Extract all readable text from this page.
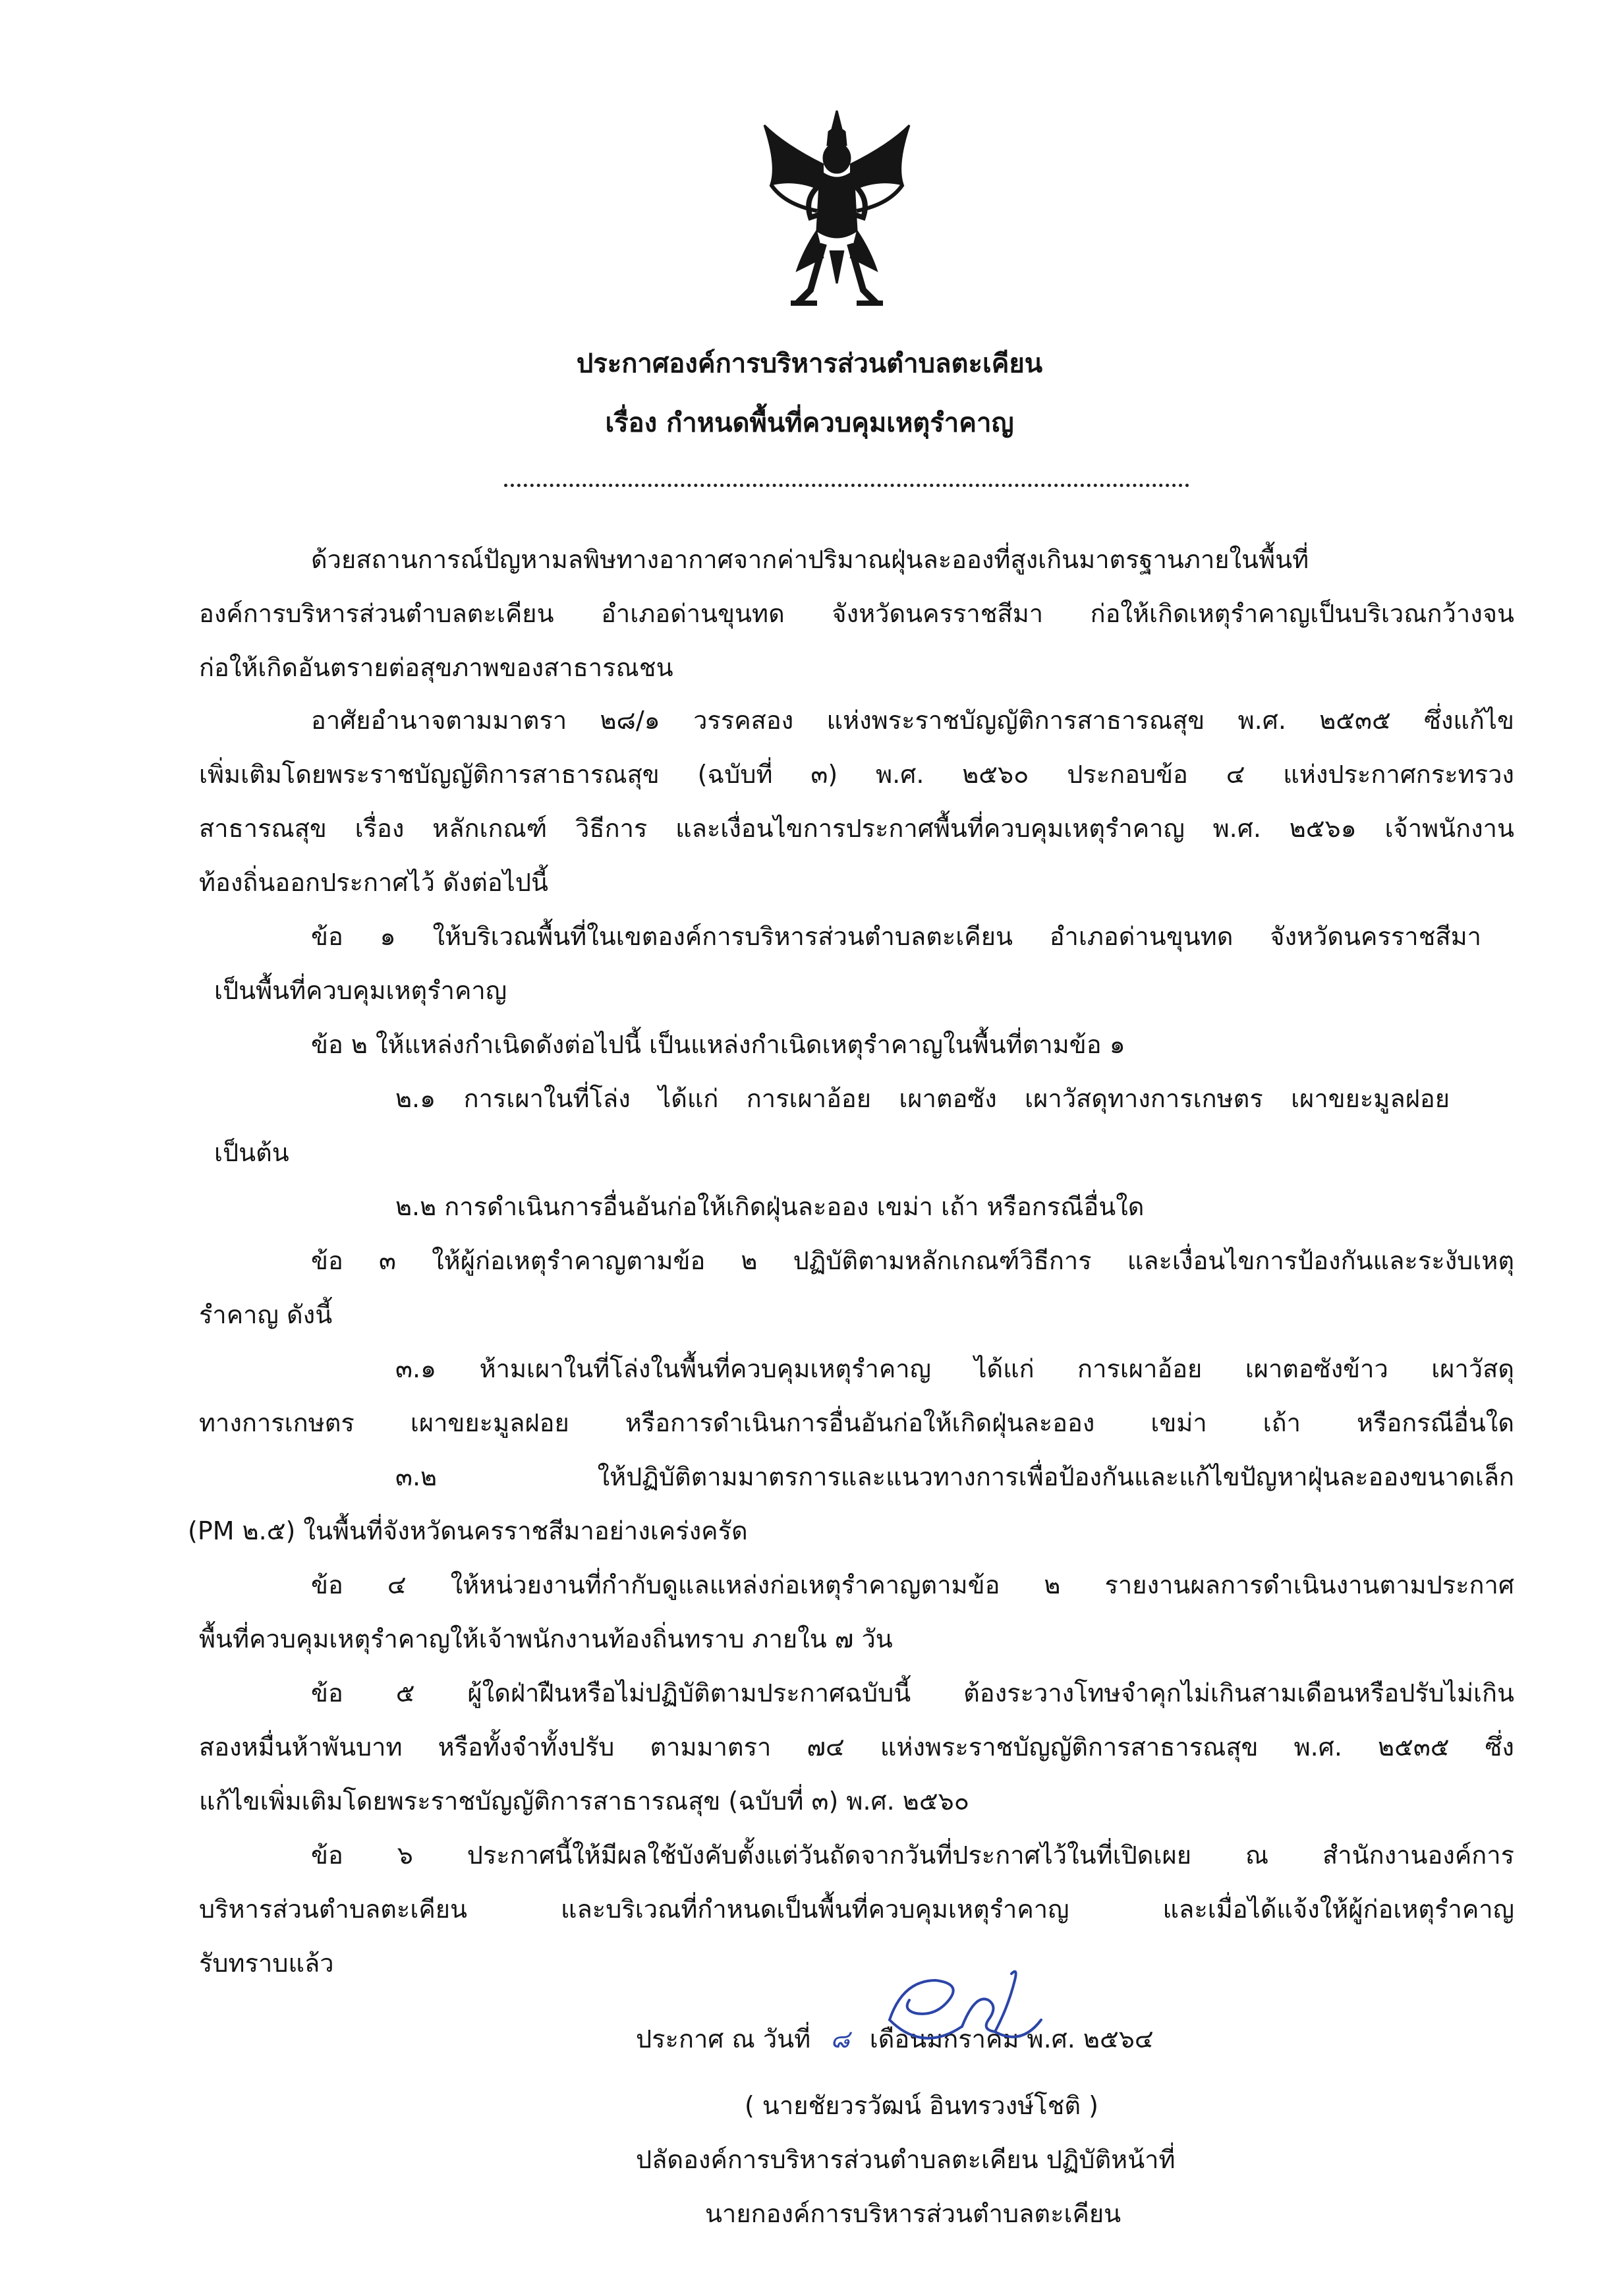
ประกาศองค์การบริหารส่วนตำบลตะเคียน
เรื่อง กำหนดพื้นที่ควบคุมเหตุรำคาญ
ด้วยสถานการณ์ปัญหามลพิษทางอากาศจากค่าปริมาณฝุ่นละอองที่สูงเกินมาตรฐานภายในพื้นที่
องค์การบริหารส่วนตำบลตะเคียน อำเภอด่านขุนทด จังหวัดนครราชสีมา ก่อให้เกิดเหตุรำคาญเป็นบริเวณกว้างจน
ก่อให้เกิดอันตรายต่อสุขภาพของสาธารณชน
อาศัยอำนาจตามมาตรา ๒๘/๑ วรรคสอง แห่งพระราชบัญญัติการสาธารณสุข พ.ศ. ๒๕๓๕ ซึ่งแก้ไข
เพิ่มเติมโดยพระราชบัญญัติการสาธารณสุข (ฉบับที่ ๓) พ.ศ. ๒๕๖๐ ประกอบข้อ ๔ แห่งประกาศกระทรวง
สาธารณสุข เรื่อง หลักเกณฑ์ วิธีการ และเงื่อนไขการประกาศพื้นที่ควบคุมเหตุรำคาญ พ.ศ. ๒๕๖๑ เจ้าพนักงาน
ท้องถิ่นออกประกาศไว้ ดังต่อไปนี้
ข้อ ๑ ให้บริเวณพื้นที่ในเขตองค์การบริหารส่วนตำบลตะเคียน อำเภอด่านขุนทด จังหวัดนครราชสีมา
เป็นพื้นที่ควบคุมเหตุรำคาญ
ข้อ ๒ ให้แหล่งกำเนิดดังต่อไปนี้ เป็นแหล่งกำเนิดเหตุรำคาญในพื้นที่ตามข้อ ๑
๒.๑ การเผาในที่โล่ง ได้แก่ การเผาอ้อย เผาตอซัง เผาวัสดุทางการเกษตร เผาขยะมูลฝอย
เป็นต้น
๒.๒ การดำเนินการอื่นอันก่อให้เกิดฝุ่นละออง เขม่า เถ้า หรือกรณีอื่นใด
ข้อ ๓ ให้ผู้ก่อเหตุรำคาญตามข้อ ๒ ปฏิบัติตามหลักเกณฑ์วิธีการ และเงื่อนไขการป้องกันและระงับเหตุ
รำคาญ ดังนี้
๓.๑ ห้ามเผาในที่โล่งในพื้นที่ควบคุมเหตุรำคาญ ได้แก่ การเผาอ้อย เผาตอซังข้าว เผาวัสดุ
ทางการเกษตร เผาขยะมูลฝอย หรือการดำเนินการอื่นอันก่อให้เกิดฝุ่นละออง เขม่า เถ้า หรือกรณีอื่นใด
๓.๒ ให้ปฏิบัติตามมาตรการและแนวทางการเพื่อป้องกันและแก้ไขปัญหาฝุ่นละอองขนาดเล็ก
(PM ๒.๕) ในพื้นที่จังหวัดนครราชสีมาอย่างเคร่งครัด
ข้อ ๔ ให้หน่วยงานที่กำกับดูแลแหล่งก่อเหตุรำคาญตามข้อ ๒ รายงานผลการดำเนินงานตามประกาศ
พื้นที่ควบคุมเหตุรำคาญให้เจ้าพนักงานท้องถิ่นทราบ ภายใน ๗ วัน
ข้อ ๕ ผู้ใดฝ่าฝืนหรือไม่ปฏิบัติตามประกาศฉบับนี้ ต้องระวางโทษจำคุกไม่เกินสามเดือนหรือปรับไม่เกิน
สองหมื่นห้าพันบาท หรือทั้งจำทั้งปรับ ตามมาตรา ๗๔ แห่งพระราชบัญญัติการสาธารณสุข พ.ศ. ๒๕๓๕ ซึ่ง
แก้ไขเพิ่มเติมโดยพระราชบัญญัติการสาธารณสุข (ฉบับที่ ๓) พ.ศ. ๒๕๖๐
ข้อ ๖ ประกาศนี้ให้มีผลใช้บังคับตั้งแต่วันถัดจากวันที่ประกาศไว้ในที่เปิดเผย ณ สำนักงานองค์การ
บริหารส่วนตำบลตะเคียน และบริเวณที่กำหนดเป็นพื้นที่ควบคุมเหตุรำคาญ และเมื่อได้แจ้งให้ผู้ก่อเหตุรำคาญ
รับทราบแล้ว
ประกาศ ณ วันที่ ๘ เดือนมกราคม พ.ศ. ๒๕๖๔
( นายชัยวรวัฒน์ อินทรวงษ์โชติ )
ปลัดองค์การบริหารส่วนตำบลตะเคียน ปฏิบัติหน้าที่
นายกองค์การบริหารส่วนตำบลตะเคียน
